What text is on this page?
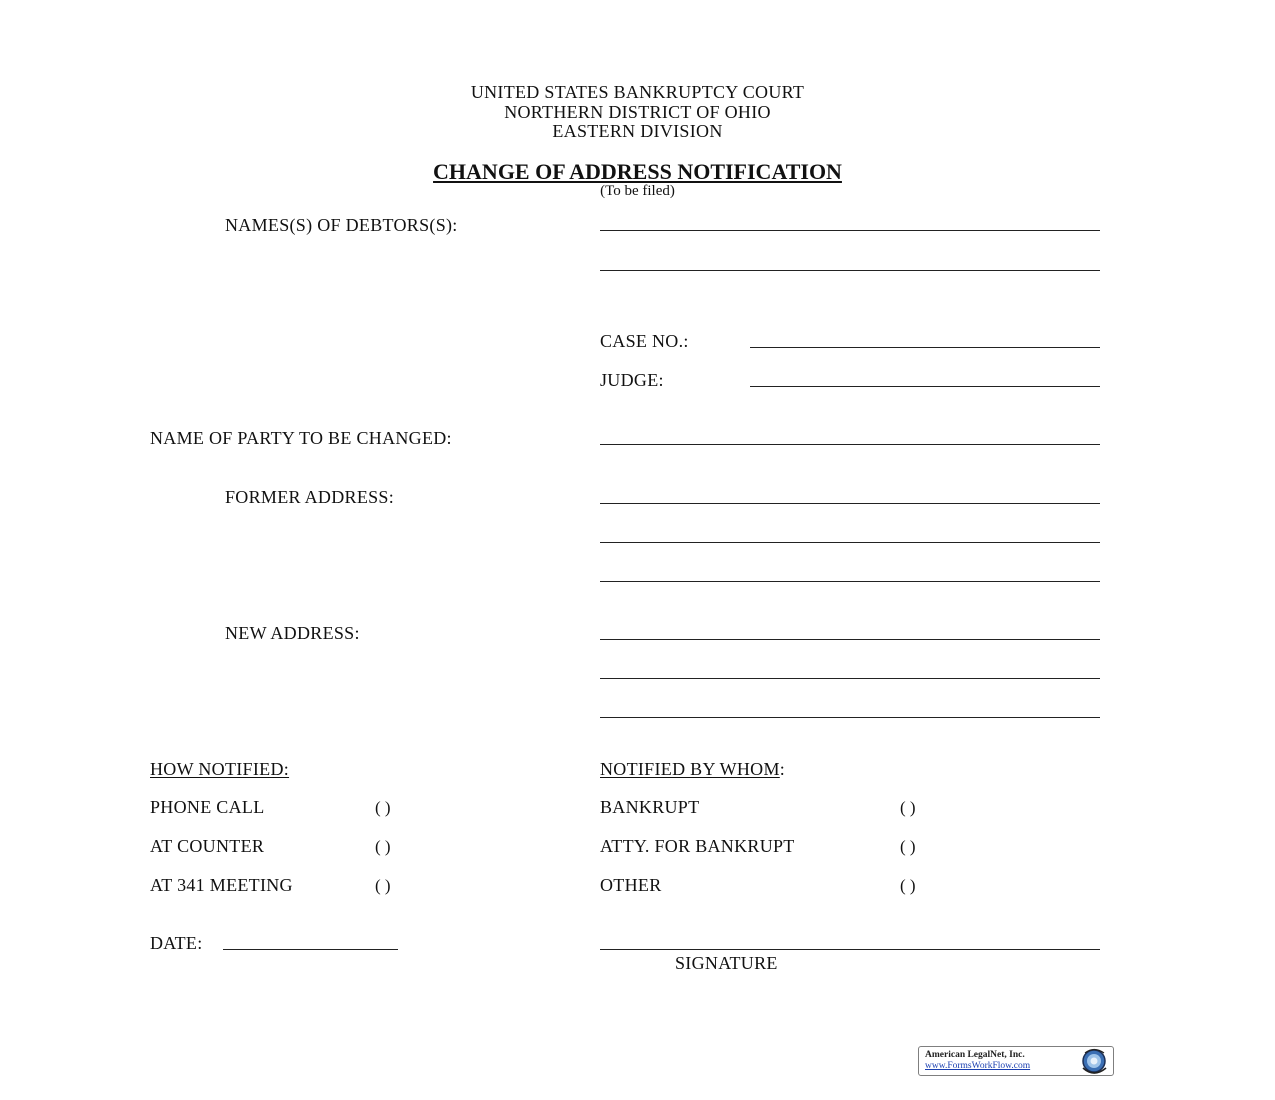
UNITED STATES BANKRUPTCY COURT
NORTHERN DISTRICT OF OHIO
EASTERN DIVISION
CHANGE OF ADDRESS NOTIFICATION
(To be filed)
NAMES(S) OF DEBTORS(S):
CASE NO.:
JUDGE:
NAME OF PARTY TO BE CHANGED:
FORMER ADDRESS:
NEW ADDRESS:
HOW NOTIFIED:
PHONE CALL	( )
AT COUNTER	( )
AT 341 MEETING	( )
NOTIFIED BY WHOM:
BANKRUPT	( )
ATTY. FOR BANKRUPT	( )
OTHER	( )
DATE:
SIGNATURE
American LegalNet, Inc.
www.FormsWorkFlow.com
